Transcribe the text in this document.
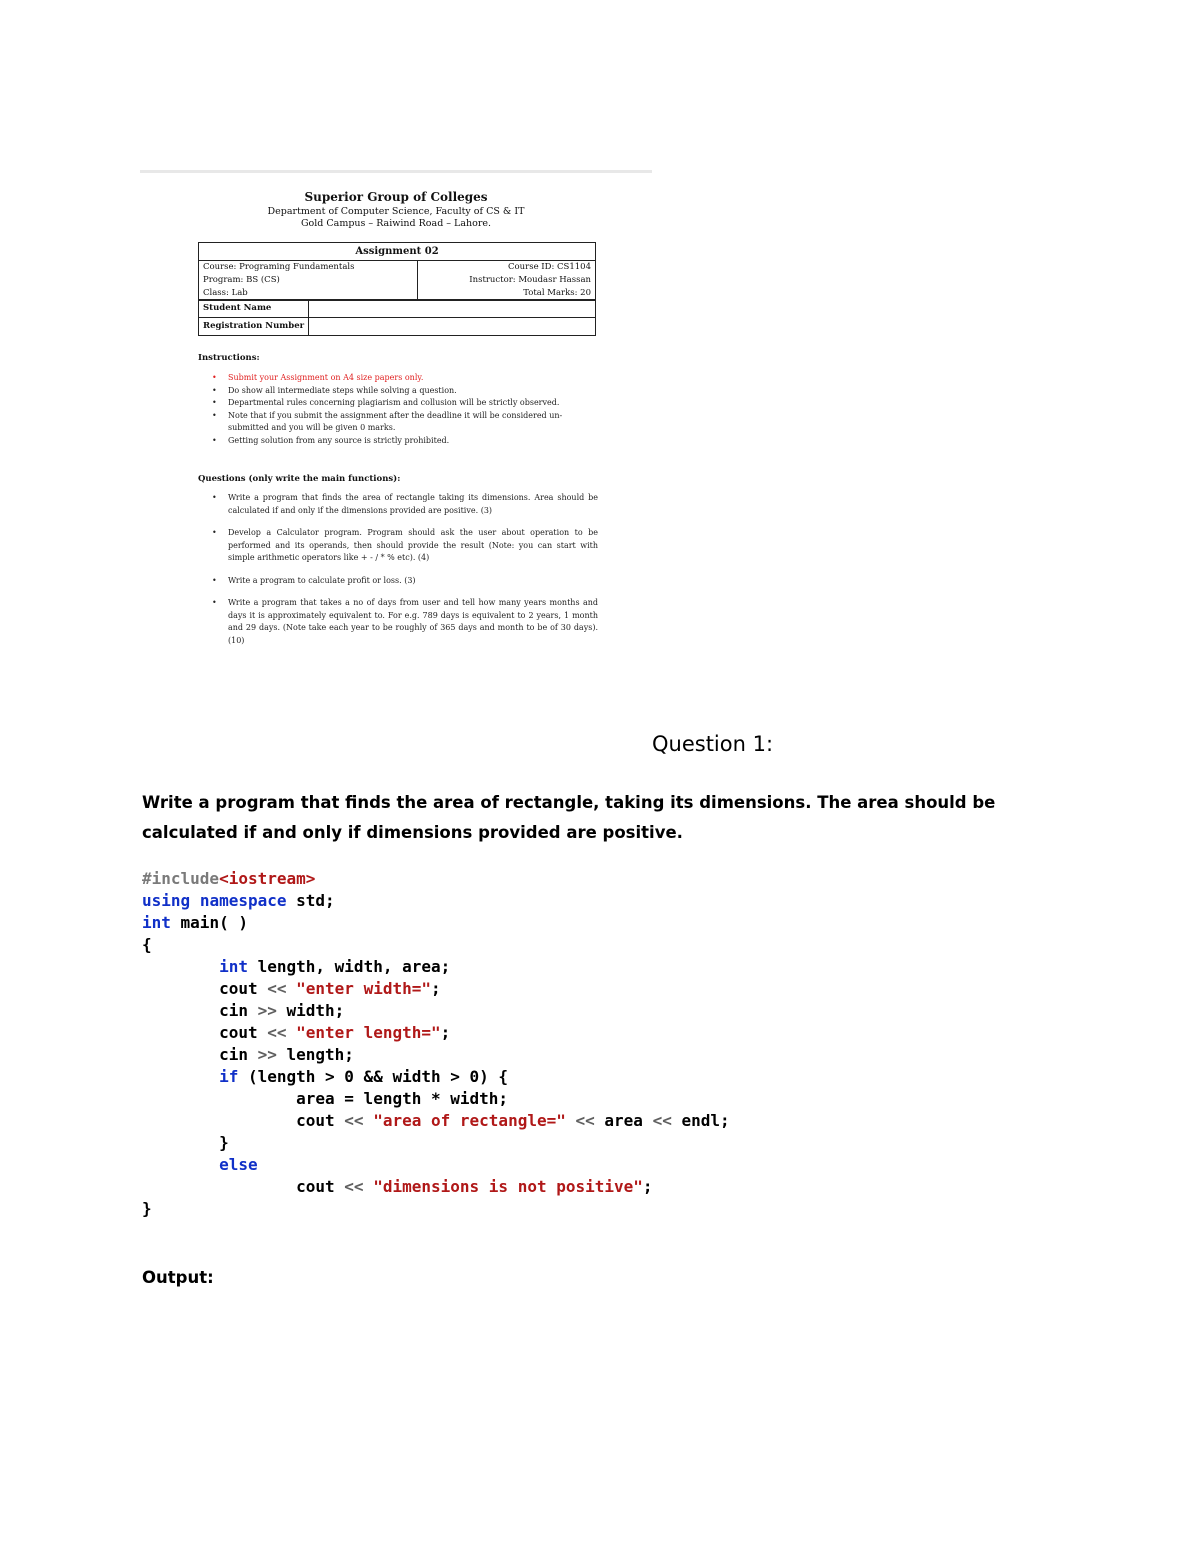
Superior Group of Colleges
Department of Computer Science, Faculty of CS & IT
Gold Campus – Raiwind Road – Lahore.
Assignment 02	
Course: Programing Fundamentals	Course ID: CS1104
Program: BS (CS)	Instructor: Moudasr Hassan
Class: Lab	Total Marks: 20
Student Name	
Registration Number	
Instructions:
• Submit your Assignment on A4 size papers only.
• Do show all intermediate steps while solving a question.
• Departmental rules concerning plagiarism and collusion will be strictly observed.
• Note that if you submit the assignment after the deadline it will be considered un-submitted and you will be given 0 marks.
• Getting solution from any source is strictly prohibited.
Questions (only write the main functions):
• Write a program that finds the area of rectangle taking its dimensions. Area should be calculated if and only if the dimensions provided are positive. (3)
• Develop a Calculator program. Program should ask the user about operation to be performed and its operands, then should provide the result (Note: you can start with simple arithmetic operators like + - / * % etc). (4)
• Write a program to calculate profit or loss. (3)
• Write a program that takes a no of days from user and tell how many years months and days it is approximately equivalent to. For e.g. 789 days is equivalent to 2 years, 1 month and 29 days. (Note take each year to be roughly of 365 days and month to be of 30 days). (10)
Question 1:
Write a program that finds the area of rectangle, taking its dimensions. The area should be calculated if and only if dimensions provided are positive.
#include<iostream>
using namespace std;
int main( )
{
int length, width, area;
cout << "enter width=";
cin >> width;
cout << "enter length=";
cin >> length;
if (length > 0 && width > 0) {
area = length * width;
cout << "area of rectangle=" << area << endl;
}
else
cout << "dimensions is not positive";
}
Output:
